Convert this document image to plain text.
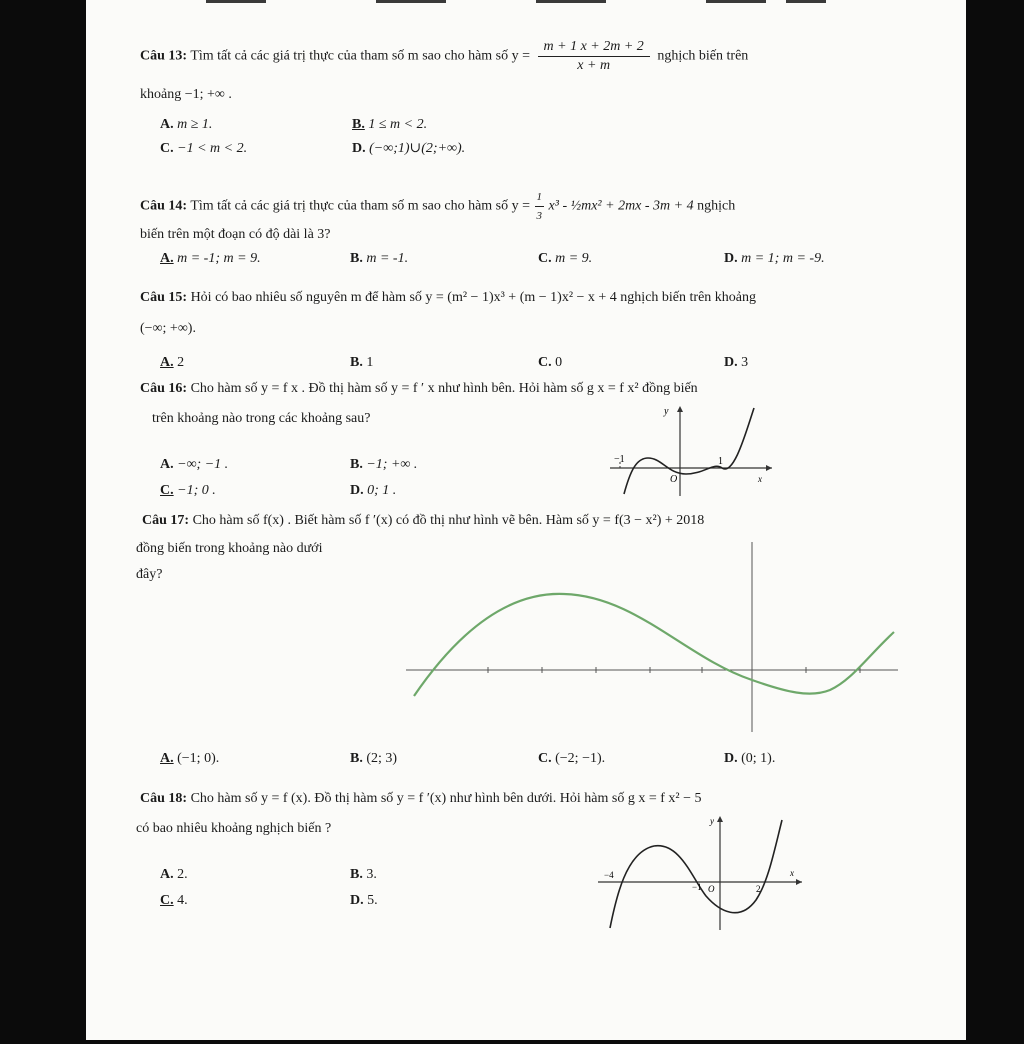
Câu 13: Tìm tất cả các giá trị thực của tham số m sao cho hàm số $y = \frac{m + 1 x + 2m + 2}{x + m}$ nghịch biến trên
khoảng −1; +∞ .
A. m ≥ 1.	B. 1 ≤ m < 2.
C. −1 < m < 2.	D. (−∞;1)∪(2;+∞).
Câu 14: Tìm tất cả các giá trị thực của tham số m sao cho hàm số $y = \frac{1}{3} x^3$ - ½mx² + 2mx - 3m + 4 nghịch
biến trên một đoạn có độ dài là 3?
A. m = -1; m = 9.	B. m = -1.	C. m = 9.	D. m = 1; m = -9.
Câu 15: Hỏi có bao nhiêu số nguyên m để hàm số y = (m² − 1)x³ + (m − 1)x² − x + 4 nghịch biến trên khoảng
(−∞; +∞).
A. 2	B. 1	C. 0	D. 3
Câu 16: Cho hàm số y = f x . Đồ thị hàm số y = f ′ x như hình bên. Hỏi hàm số g x = f x² đồng biến
trên khoảng nào trong các khoảng sau?
A. −∞; −1 .	B. −1; +∞ .
C. −1; 0 .	D. 0; 1 .
y
−1	1
O	x
Câu 17: Cho hàm số f(x) . Biết hàm số f ′(x) có đồ thị như hình vẽ bên. Hàm số y = f(3 − x²) + 2018
đồng biến trong khoảng nào dưới
đây?
A. (−1; 0).	B. (2; 3)	C. (−2; −1).	D. (0; 1).
Câu 18: Cho hàm số y = f (x). Đồ thị hàm số y = f ′(x) như hình bên dưới. Hỏi hàm số g x = f x² − 5
có bao nhiêu khoảng nghịch biến ?
A. 2.	B. 3.
C. 4.	D. 5.
y
−4
−1 O	2
x
